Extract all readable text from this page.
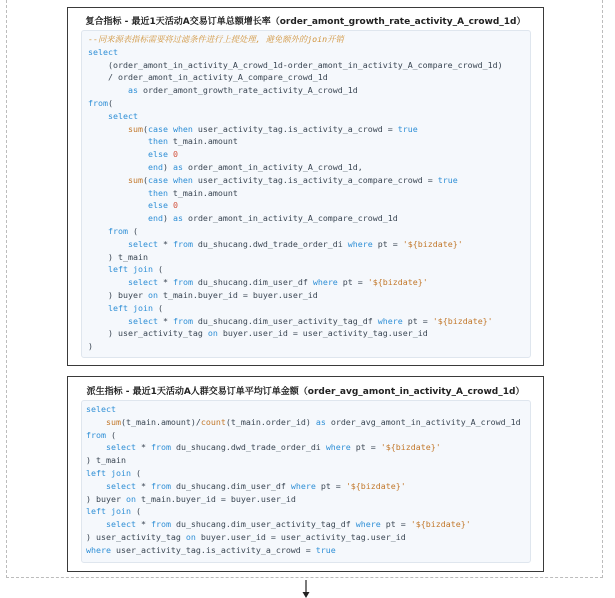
复合指标 - 最近1天活动A交易订单总额增长率（order_amont_growth_rate_activity_A_crowd_1d）
--同来源表指标需要将过滤条件进行上提处理, 避免额外的join开销
select
(order_amont_in_activity_A_crowd_1d-order_amont_in_activity_A_compare_crowd_1d)
/ order_amont_in_activity_A_compare_crowd_1d
as order_amont_growth_rate_activity_A_crowd_1d
from(
select
sum(case when user_activity_tag.is_activity_a_crowd = true
then t_main.amount
else 0
end) as order_amont_in_activity_A_crowd_1d,
sum(case when user_activity_tag.is_activity_a_compare_crowd = true
then t_main.amount
else 0
end) as order_amont_in_activity_A_compare_crowd_1d
from (
select * from du_shucang.dwd_trade_order_di where pt = '${bizdate}'
) t_main
left join (
select * from du_shucang.dim_user_df where pt = '${bizdate}'
) buyer on t_main.buyer_id = buyer.user_id
left join (
select * from du_shucang.dim_user_activity_tag_df where pt = '${bizdate}'
) user_activity_tag on buyer.user_id = user_activity_tag.user_id
)
派生指标 - 最近1天活动A人群交易订单平均订单金额（order_avg_amont_in_activity_A_crowd_1d）
select
sum(t_main.amount)/count(t_main.order_id) as order_avg_amont_in_activity_A_crowd_1d
from (
select * from du_shucang.dwd_trade_order_di where pt = '${bizdate}'
) t_main
left join (
select * from du_shucang.dim_user_df where pt = '${bizdate}'
) buyer on t_main.buyer_id = buyer.user_id
left join (
select * from du_shucang.dim_user_activity_tag_df where pt = '${bizdate}'
) user_activity_tag on buyer.user_id = user_activity_tag.user_id
where user_activity_tag.is_activity_a_crowd = true
